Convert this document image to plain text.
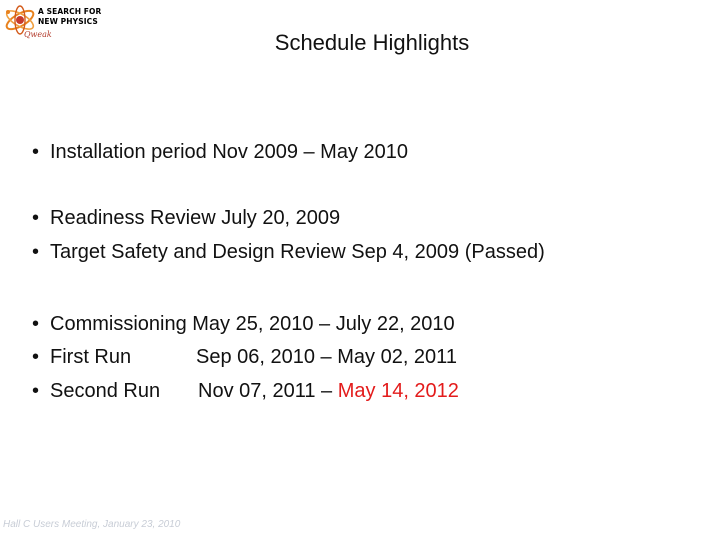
A SEARCH FOR
NEW PHYSICS
Qweak	Schedule Highlights
• Installation period Nov 2009 – May 2010
• Readiness Review July 20, 2009
• Target Safety and Design Review Sep 4, 2009 (Passed)
• Commissioning May 25, 2010 – July 22, 2010
• First Run	Sep 06, 2010 – May 02, 2011
• Second Run Nov 07, 2011 – May 14, 2012
Hall C Users Meeting, January 23, 2010
